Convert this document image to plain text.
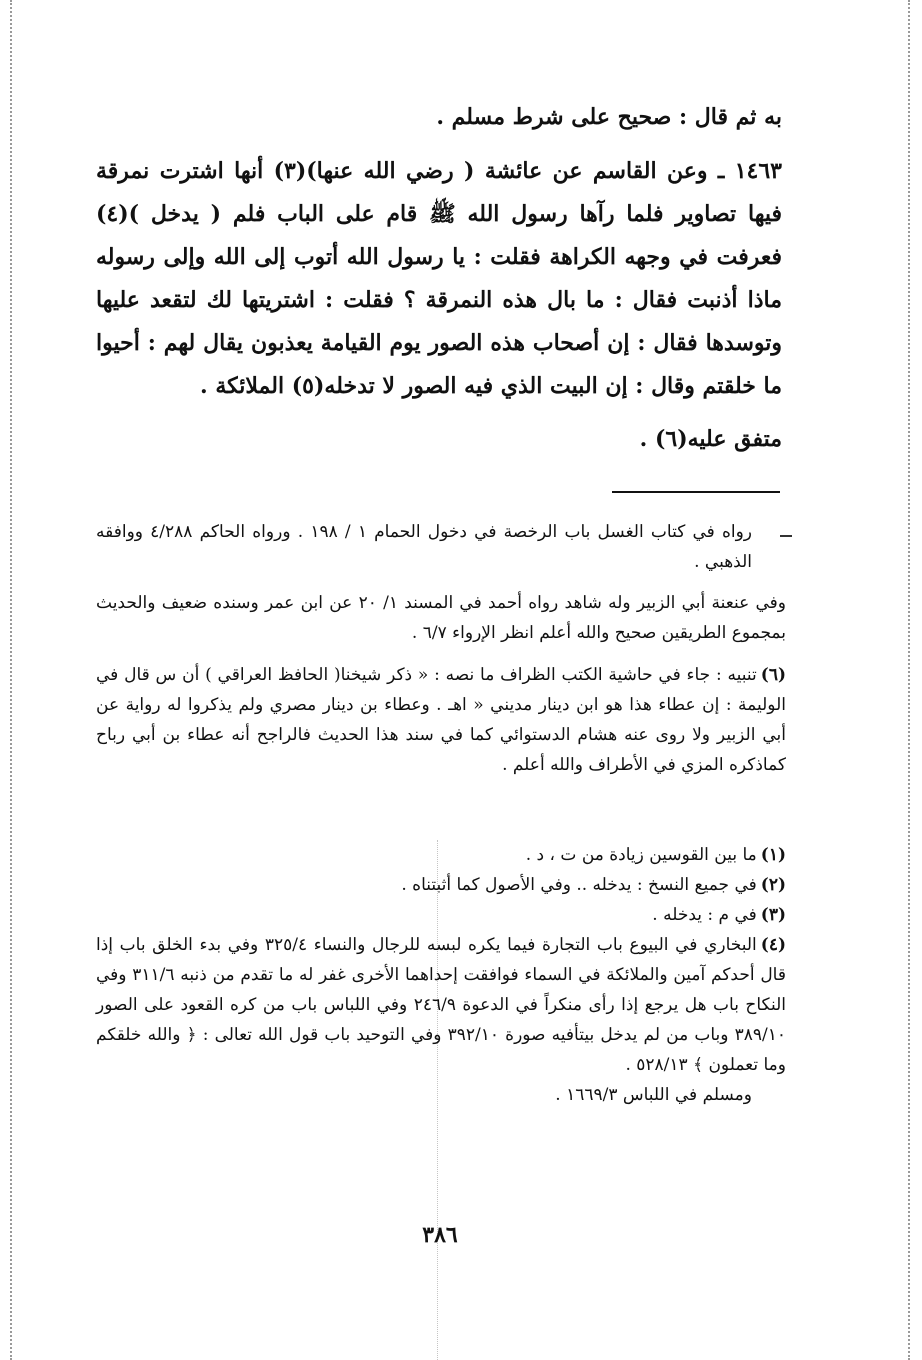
به ثم قال : صحيح على شرط مسلم .
١٤٦٣ ـ وعن القاسم عن عائشة ( رضي الله عنها)(٣) أنها اشترت نمرقة فيها تصاوير فلما رآها رسول الله ﷺ قام على الباب فلم ( يدخل )(٤) فعرفت في وجهه الكراهة فقلت : يا رسول الله أتوب إلى الله وإلى رسوله ماذا أذنبت فقال : ما بال هذه النمرقة ؟ فقلت : اشتريتها لك لتقعد عليها وتوسدها فقال : إن أصحاب هذه الصور يوم القيامة يعذبون يقال لهم : أحيوا ما خلقتم وقال : إن البيت الذي فيه الصور لا تدخله(٥) الملائكة .
متفق عليه(٦) .

رواه في كتاب الغسل باب الرخصة في دخول الحمام ١ / ١٩٨ . ورواه الحاكم ٤/٢٨٨ ووافقه الذهبي .

وفي عنعنة أبي الزبير وله شاهد رواه أحمد في المسند ١/ ٢٠ عن ابن عمر وسنده ضعيف والحديث بمجموع الطريقين صحيح والله أعلم انظر الإرواء ٦/٧ .

(٦)تنبيه : جاء في حاشية الكتب الظراف ما نصه : « ذكر شيخنا( الحافظ العراقي ) أن س قال في الوليمة : إن عطاء هذا هو ابن دينار مديني « اهـ . وعطاء بن دينار مصري ولم يذكروا له رواية عن أبي الزبير ولا روى عنه هشام الدستوائي كما في سند هذا الحديث فالراجح أنه عطاء بن أبي رباح كماذكره المزي في الأطراف والله أعلم .

(١)ما بين القوسين زيادة من ت ، د .

(٢)في جميع النسخ : يدخله .. وفي الأصول كما أثبتناه .

(٣)في م : يدخله .

(٤)البخاري في البيوع باب التجارة فيما يكره لبسه للرجال والنساء ٣٢٥/٤ وفي بدء الخلق باب إذا قال أحدكم آمين والملائكة في السماء فوافقت إحداهما الأخرى غفر له ما تقدم من ذنبه ٣١١/٦ وفي النكاح باب هل يرجع إذا رأى منكراً في الدعوة ٢٤٦/٩ وفي اللباس باب من كره القعود على الصور ٣٨٩/١٠ وباب من لم يدخل بيتأفيه صورة ٣٩٢/١٠ وفي التوحيد باب قول الله تعالى : ﴿ والله خلقكم وما تعملون ﴾ ٥٢٨/١٣ .

ومسلم في اللباس ١٦٦٩/٣ .

٣٨٦
